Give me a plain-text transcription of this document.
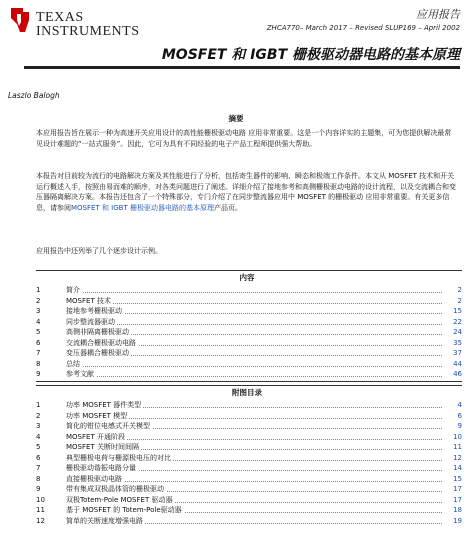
TEXAS
INSTRUMENTS
应用报告
ZHCA770– March 2017 – Revised SLUP169 – April 2002
MOSFET 和 IGBT 栅极驱动器电路的基本原理
Laszlo Balogh
摘要
本应用报告旨在展示一种为高速开关应用设计的高性能栅极驱动电路 应用非常重要。这是一个内容详实的主题集，可为您提供解决最常见设计难题的“一站式服务”。因此，它可为具有不同经验的电子产品工程师提供强大帮助。
本报告对目前较为流行的电路解决方案及其性能进行了分析，包括寄生器件的影响、瞬态和极端工作条件。本文从 MOSFET 技术和开关运行概述入手，按照由易而难的顺序，对各类问题进行了阐述。详细介绍了接地参考和高侧栅极驱动电路的设计流程，以及交流耦合和变压器隔离解决方案。本报告还包含了一个特殊部分，专门介绍了在同步整流器应用中 MOSFET 的栅极驱动 应用非常重要。有关更多信息，请参阅MOSFET 和 IGBT 栅极驱动器电路的基本原理产品页。
应用报告中还列举了几个逐步设计示例。
内容
1	简介	2
2	MOSFET 技术	2
3	接地参考栅极驱动	15
4	同步整流器驱动	22
5	高侧非隔离栅极驱动	24
6	交流耦合栅极驱动电路	35
7	变压器耦合栅极驱动	37
8	总结	44
9	参考文献	46
附图目录
1	功率 MOSFET 器件类型	4
2	功率 MOSFET 模型	6
3	简化的钳位电感式开关模型	9
4	MOSFET 开通阶段	10
5	MOSFET 关断时间间隔	11
6	典型栅极电荷与栅源极电压的对比	12
7	栅极驱动谐振电路分量	14
8	直接栅极驱动电路	15
9	带有集成双极晶体管的栅极驱动	17
10	双极Totem-Pole MOSFET 驱动器	17
11	基于 MOSFET 的 Totem-Pole驱动器	18
12	简单的关断速度增强电路	19
